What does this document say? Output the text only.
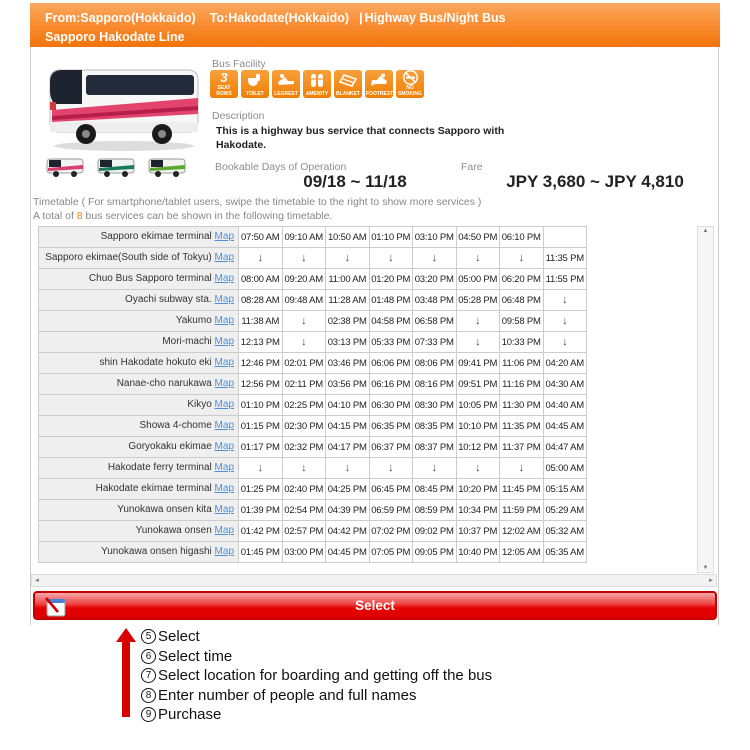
From:Sapporo(Hokkaido) To:Hakodate(Hokkaido) | Highway Bus/Night Bus
Sapporo Hakodate Line
Bus Facility
3
SEAT ROWS	TOILET	LEGREST	AMENITY	BLANKET FOOTREST
NO SMOKING
Description
This is a highway bus service that connects Sapporo with Hakodate.
Bookable Days of Operation	Fare
09/18 ~ 11/18	JPY 3,680 ~ JPY 4,810
Timetable ( For smartphone/tablet users, swipe the timetable to the right to show more services )
A total of 8 bus services can be shown in the following timetable.
Sapporo ekimae terminal Map	07:50 AM	09:10 AM	10:50 AM	01:10 PM	03:10 PM	04:50 PM	06:10 PM	
Sapporo ekimae(South side of Tokyu) Map	↓	↓	↓	↓	↓	↓	↓	11:35 PM
Chuo Bus Sapporo terminal Map	08:00 AM	09:20 AM	11:00 AM	01:20 PM	03:20 PM	05:00 PM	06:20 PM	11:55 PM
Oyachi subway sta. Map	08:28 AM	09:48 AM	11:28 AM	01:48 PM	03:48 PM	05:28 PM	06:48 PM	↓
Yakumo Map	11:38 AM	↓	02:38 PM	04:58 PM	06:58 PM	↓	09:58 PM	↓
Mori-machi Map	12:13 PM	↓	03:13 PM	05:33 PM	07:33 PM	↓	10:33 PM	↓
shin Hakodate hokuto eki Map	12:46 PM	02:01 PM	03:46 PM	06:06 PM	08:06 PM	09:41 PM	11:06 PM	04:20 AM
Nanae-cho narukawa Map	12:56 PM	02:11 PM	03:56 PM	06:16 PM	08:16 PM	09:51 PM	11:16 PM	04:30 AM
Kikyo Map	01:10 PM	02:25 PM	04:10 PM	06:30 PM	08:30 PM	10:05 PM	11:30 PM	04:40 AM
Showa 4-chome Map	01:15 PM	02:30 PM	04:15 PM	06:35 PM	08:35 PM	10:10 PM	11:35 PM	04:45 AM
Goryokaku ekimae Map	01:17 PM	02:32 PM	04:17 PM	06:37 PM	08:37 PM	10:12 PM	11:37 PM	04:47 AM
Hakodate ferry terminal Map	↓	↓	↓	↓	↓	↓	↓	05:00 AM
Hakodate ekimae terminal Map	01:25 PM	02:40 PM	04:25 PM	06:45 PM	08:45 PM	10:20 PM	11:45 PM	05:15 AM
Yunokawa onsen kita Map	01:39 PM	02:54 PM	04:39 PM	06:59 PM	08:59 PM	10:34 PM	11:59 PM	05:29 AM
Yunokawa onsen Map	01:42 PM	02:57 PM	04:42 PM	07:02 PM	09:02 PM	10:37 PM	12:02 AM	05:32 AM
Yunokawa onsen higashi Map	01:45 PM	03:00 PM	04:45 PM	07:05 PM	09:05 PM	10:40 PM	12:05 AM	05:35 AM
▲
▼
◄	►
Select
5 Select
6 Select time
7 Select location for boarding and getting off the bus
8 Enter number of people and full names
9 Purchase
